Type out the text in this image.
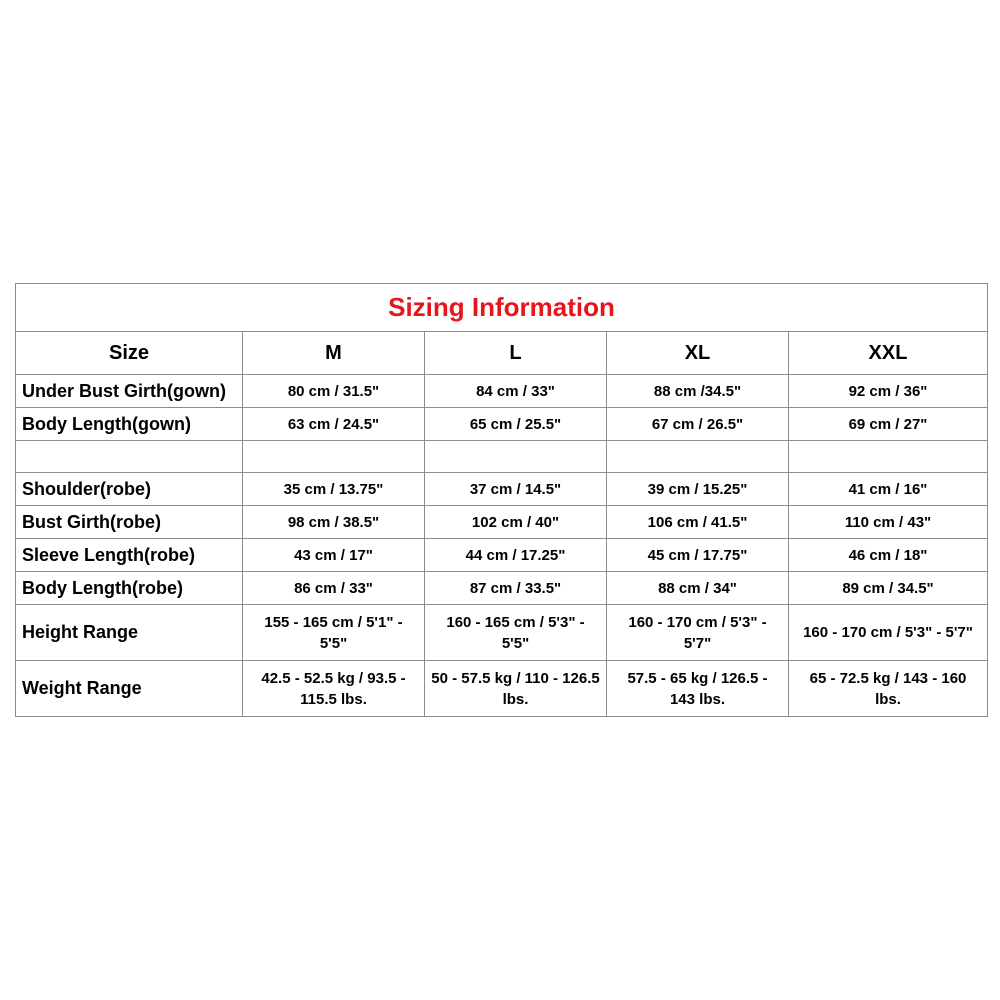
Sizing Information				
Size	M	L	XL	XXL
Under Bust Girth(gown)	80 cm / 31.5"	84 cm / 33"	88 cm /34.5"	92 cm / 36"
Body Length(gown)	63 cm / 24.5"	65 cm / 25.5"	67 cm / 26.5"	69 cm / 27"

Shoulder(robe)	35 cm / 13.75"	37 cm / 14.5"	39 cm / 15.25"	41 cm / 16"
Bust Girth(robe)	98 cm / 38.5"	102 cm / 40"	106 cm / 41.5"	110 cm / 43"
Sleeve Length(robe)	43 cm / 17"	44 cm / 17.25"	45 cm / 17.75"	46 cm / 18"
Body Length(robe)	86 cm / 33"	87 cm / 33.5"	88 cm / 34"	89 cm / 34.5"
Height Range	155 - 165 cm / 5'1" - 5'5"	160 - 165 cm / 5'3" - 5'5"	160 - 170 cm / 5'3" - 5'7"	160 - 170 cm / 5'3" - 5'7"
Weight Range	42.5 - 52.5 kg / 93.5 - 115.5 lbs.	50 - 57.5 kg / 110 - 126.5 lbs.	57.5 - 65 kg / 126.5 - 143 lbs.	65 - 72.5 kg / 143 - 160 lbs.
